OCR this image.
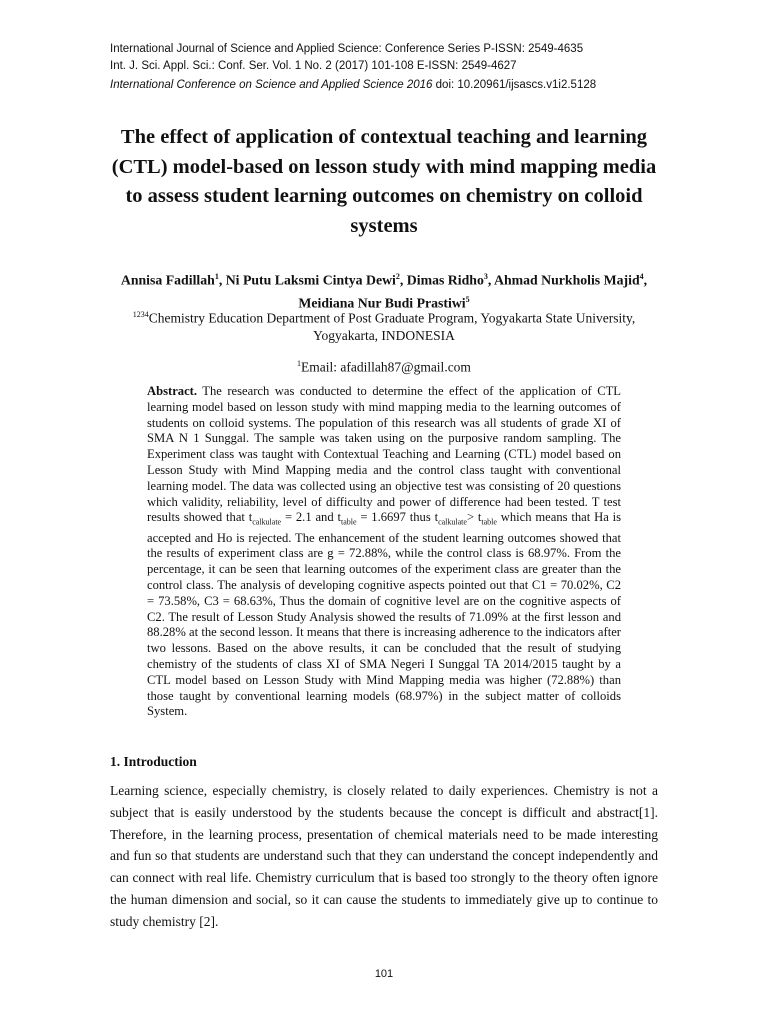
International Journal of Science and Applied Science: Conference Series P-ISSN: 2549-4635
Int. J. Sci. Appl. Sci.: Conf. Ser. Vol. 1 No. 2 (2017) 101-108 E-ISSN: 2549-4627
International Conference on Science and Applied Science 2016 doi: 10.20961/ijsascs.v1i2.5128
The effect of application of contextual teaching and learning (CTL) model-based on lesson study with mind mapping media to assess student learning outcomes on chemistry on colloid systems
Annisa Fadillah$^1$, Ni Putu Laksmi Cintya Dewi$^2$, Dimas Ridho$^3$, Ahmad Nurkholis Majid$^4$, Meidiana Nur Budi Prastiwi$^5$
$^{1234}$Chemistry Education Department of Post Graduate Program, Yogyakarta State University, Yogyakarta, INDONESIA
$^1$Email: afadillah87@gmail.com
Abstract. The research was conducted to determine the effect of the application of CTL learning model based on lesson study with mind mapping media to the learning outcomes of students on colloid systems. The population of this research was all students of grade XI of SMA N 1 Sunggal. The sample was taken using on the purposive random sampling. The Experiment class was taught with Contextual Teaching and Learning (CTL) model based on Lesson Study with Mind Mapping media and the control class taught with conventional learning model. The data was collected using an objective test was consisting of 20 questions which validity, reliability, level of difficulty and power of difference had been tested. T test results showed that $t_{calkulate} = 2.1$ and $t_{table} = 1.6697$ thus $t_{calkulate}> t_{table}$ which means that Ha is accepted and Ho is rejected. The enhancement of the student learning outcomes showed that the results of experiment class are g = 72.88%, while the control class is 68.97%. From the percentage, it can be seen that learning outcomes of the experiment class are greater than the control class. The analysis of developing cognitive aspects pointed out that C1 = 70.02%, C2 = 73.58%, C3 = 68.63%, Thus the domain of cognitive level are on the cognitive aspects of C2. The result of Lesson Study Analysis showed the results of 71.09% at the first lesson and 88.28% at the second lesson. It means that there is increasing adherence to the indicators after two lessons. Based on the above results, it can be concluded that the result of studying chemistry of the students of class XI of SMA Negeri I Sunggal TA 2014/2015 taught by a CTL model based on Lesson Study with Mind Mapping media was higher (72.88%) than those taught by conventional learning models (68.97%) in the subject matter of colloids System.
1. Introduction
Learning science, especially chemistry, is closely related to daily experiences. Chemistry is not a subject that is easily understood by the students because the concept is difficult and abstract[1]. Therefore, in the learning process, presentation of chemical materials need to be made interesting and fun so that students are understand such that they can understand the concept independently and can connect with real life. Chemistry curriculum that is based too strongly to the theory often ignore the human dimension and social, so it can cause the students to immediately give up to continue to study chemistry [2].
101
